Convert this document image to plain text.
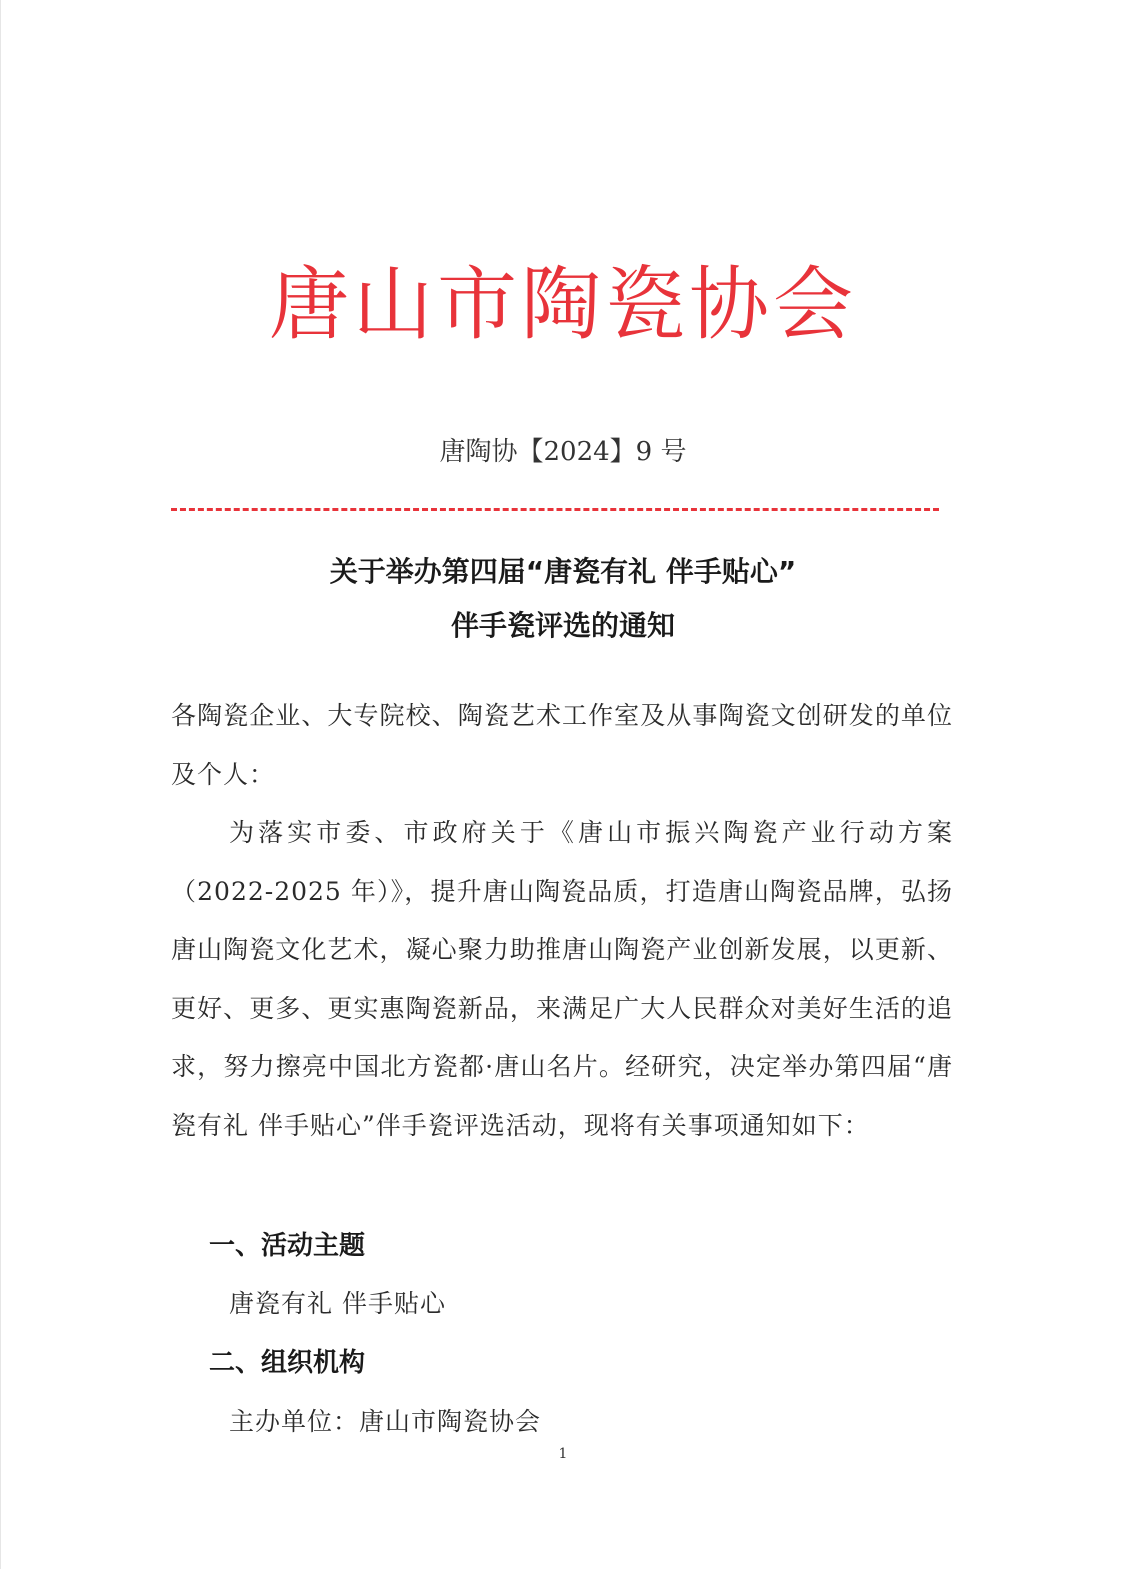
唐山市陶瓷协会
唐陶协【2024】9 号
关于举办第四届“唐瓷有礼 伴手贴心”
伴手瓷评选的通知

各陶瓷企业、大专院校、陶瓷艺术工作室及从事陶瓷文创研发的单位及个人：

为落实市委、市政府关于《唐山市振兴陶瓷产业行动方案（2022-2025 年）》，提升唐山陶瓷品质，打造唐山陶瓷品牌，弘扬唐山陶瓷文化艺术，凝心聚力助推唐山陶瓷产业创新发展，以更新、更好、更多、更实惠陶瓷新品，来满足广大人民群众对美好生活的追求，努力擦亮中国北方瓷都·唐山名片。经研究，决定举办第四届“唐瓷有礼 伴手贴心”伴手瓷评选活动，现将有关事项通知如下：

一、活动主题
唐瓷有礼 伴手贴心
二、组织机构
主办单位：唐山市陶瓷协会
1
